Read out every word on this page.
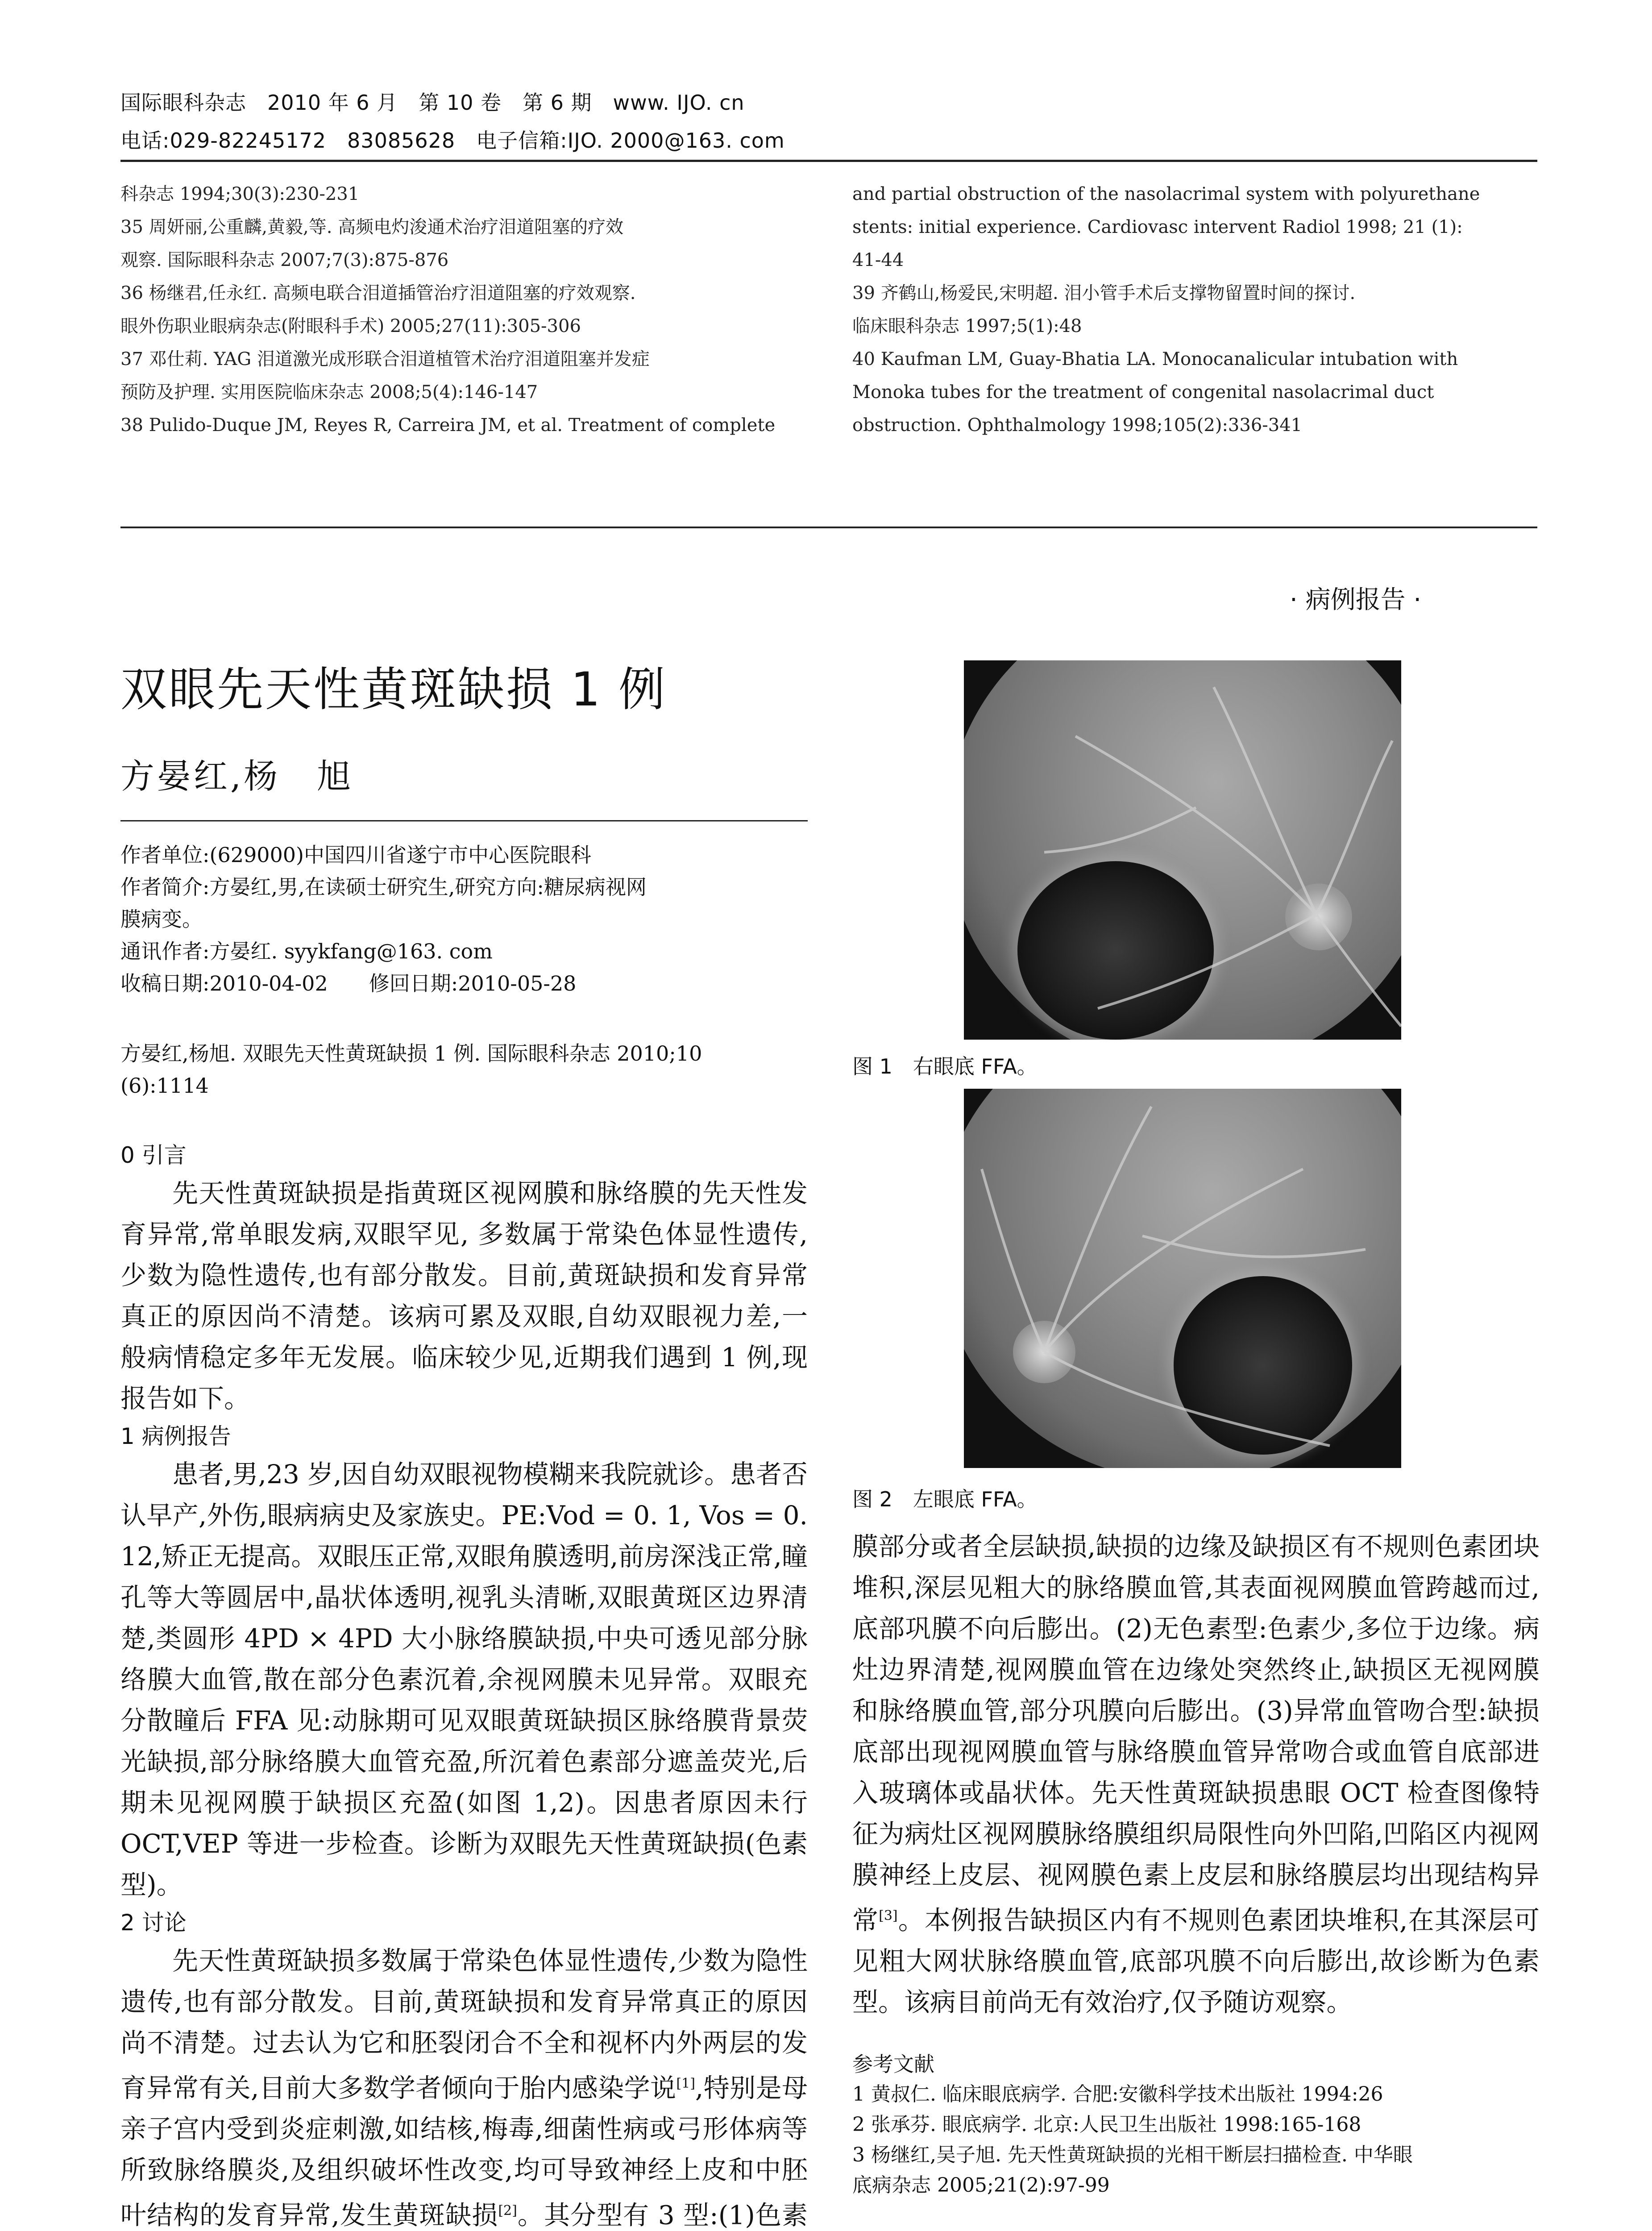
国际眼科杂志　2010 年 6 月　第 10 卷　第 6 期　www. IJO. cn
电话:029-82245172　83085628　电子信箱:IJO. 2000@163. com

科杂志 1994;30(3):230-231

35 周妍丽,公重麟,黄毅,等. 高频电灼浚通术治疗泪道阻塞的疗效

观察. 国际眼科杂志 2007;7(3):875-876

36 杨继君,任永红. 高频电联合泪道插管治疗泪道阻塞的疗效观察.

眼外伤职业眼病杂志(附眼科手术) 2005;27(11):305-306

37 邓仕莉. YAG 泪道激光成形联合泪道植管术治疗泪道阻塞并发症

预防及护理. 实用医院临床杂志 2008;5(4):146-147

38 Pulido-Duque JM, Reyes R, Carreira JM, et al. Treatment of complete

and partial obstruction of the nasolacrimal system with polyurethane

stents: initial experience. Cardiovasc intervent Radiol 1998; 21 (1):

41-44

39 齐鹤山,杨爱民,宋明超. 泪小管手术后支撑物留置时间的探讨.

临床眼科杂志 1997;5(1):48

40 Kaufman LM, Guay-Bhatia LA. Monocanalicular intubation with

Monoka tubes for the treatment of congenital nasolacrimal duct

obstruction. Ophthalmology 1998;105(2):336-341

· 病例报告 ·
双眼先天性黄斑缺损 1 例
方晏红,杨　旭

作者单位:(629000)中国四川省遂宁市中心医院眼科

作者简介:方晏红,男,在读硕士研究生,研究方向:糖尿病视网

膜病变。

通讯作者:方晏红. syykfang@163. com

收稿日期:2010-04-02　　修回日期:2010-05-28

方晏红,杨旭. 双眼先天性黄斑缺损 1 例. 国际眼科杂志 2010;10
(6):1114

0 引言

先天性黄斑缺损是指黄斑区视网膜和脉络膜的先天性发育异常,常单眼发病,双眼罕见, 多数属于常染色体显性遗传,少数为隐性遗传,也有部分散发。目前,黄斑缺损和发育异常真正的原因尚不清楚。该病可累及双眼,自幼双眼视力差,一般病情稳定多年无发展。临床较少见,近期我们遇到 1 例,现报告如下。

1 病例报告

患者,男,23 岁,因自幼双眼视物模糊来我院就诊。患者否认早产,外伤,眼病病史及家族史。PE:Vod = 0. 1, Vos = 0. 12,矫正无提高。双眼压正常,双眼角膜透明,前房深浅正常,瞳孔等大等圆居中,晶状体透明,视乳头清晰,双眼黄斑区边界清楚,类圆形 4PD × 4PD 大小脉络膜缺损,中央可透见部分脉络膜大血管,散在部分色素沉着,余视网膜未见异常。双眼充分散瞳后 FFA 见:动脉期可见双眼黄斑缺损区脉络膜背景荧光缺损,部分脉络膜大血管充盈,所沉着色素部分遮盖荧光,后期未见视网膜于缺损区充盈(如图 1,2)。因患者原因未行 OCT,VEP 等进一步检查。诊断为双眼先天性黄斑缺损(色素型)。

2 讨论

先天性黄斑缺损多数属于常染色体显性遗传,少数为隐性遗传,也有部分散发。目前,黄斑缺损和发育异常真正的原因尚不清楚。过去认为它和胚裂闭合不全和视杯内外两层的发育异常有关,目前大多数学者倾向于胎内感染学说[1],特别是母亲子宫内受到炎症刺激,如结核,梅毒,细菌性病或弓形体病等所致脉络膜炎,及组织破坏性改变,均可导致神经上皮和中胚叶结构的发育异常,发生黄斑缺损[2]。其分型有 3 型:(1)色素

图 1　右眼底 FFA。
图 2　左眼底 FFA。

膜部分或者全层缺损,缺损的边缘及缺损区有不规则色素团块堆积,深层见粗大的脉络膜血管,其表面视网膜血管跨越而过,底部巩膜不向后膨出。(2)无色素型:色素少,多位于边缘。病灶边界清楚,视网膜血管在边缘处突然终止,缺损区无视网膜和脉络膜血管,部分巩膜向后膨出。(3)异常血管吻合型:缺损底部出现视网膜血管与脉络膜血管异常吻合或血管自底部进入玻璃体或晶状体。先天性黄斑缺损患眼 OCT 检查图像特征为病灶区视网膜脉络膜组织局限性向外凹陷,凹陷区内视网膜神经上皮层、视网膜色素上皮层和脉络膜层均出现结构异常[3]。本例报告缺损区内有不规则色素团块堆积,在其深层可见粗大网状脉络膜血管,底部巩膜不向后膨出,故诊断为色素型。该病目前尚无有效治疗,仅予随访观察。

参考文献

1 黄叔仁. 临床眼底病学. 合肥:安徽科学技术出版社 1994:26

2 张承芬. 眼底病学. 北京:人民卫生出版社 1998:165-168

3 杨继红,吴子旭. 先天性黄斑缺损的光相干断层扫描检查. 中华眼

底病杂志 2005;21(2):97-99
